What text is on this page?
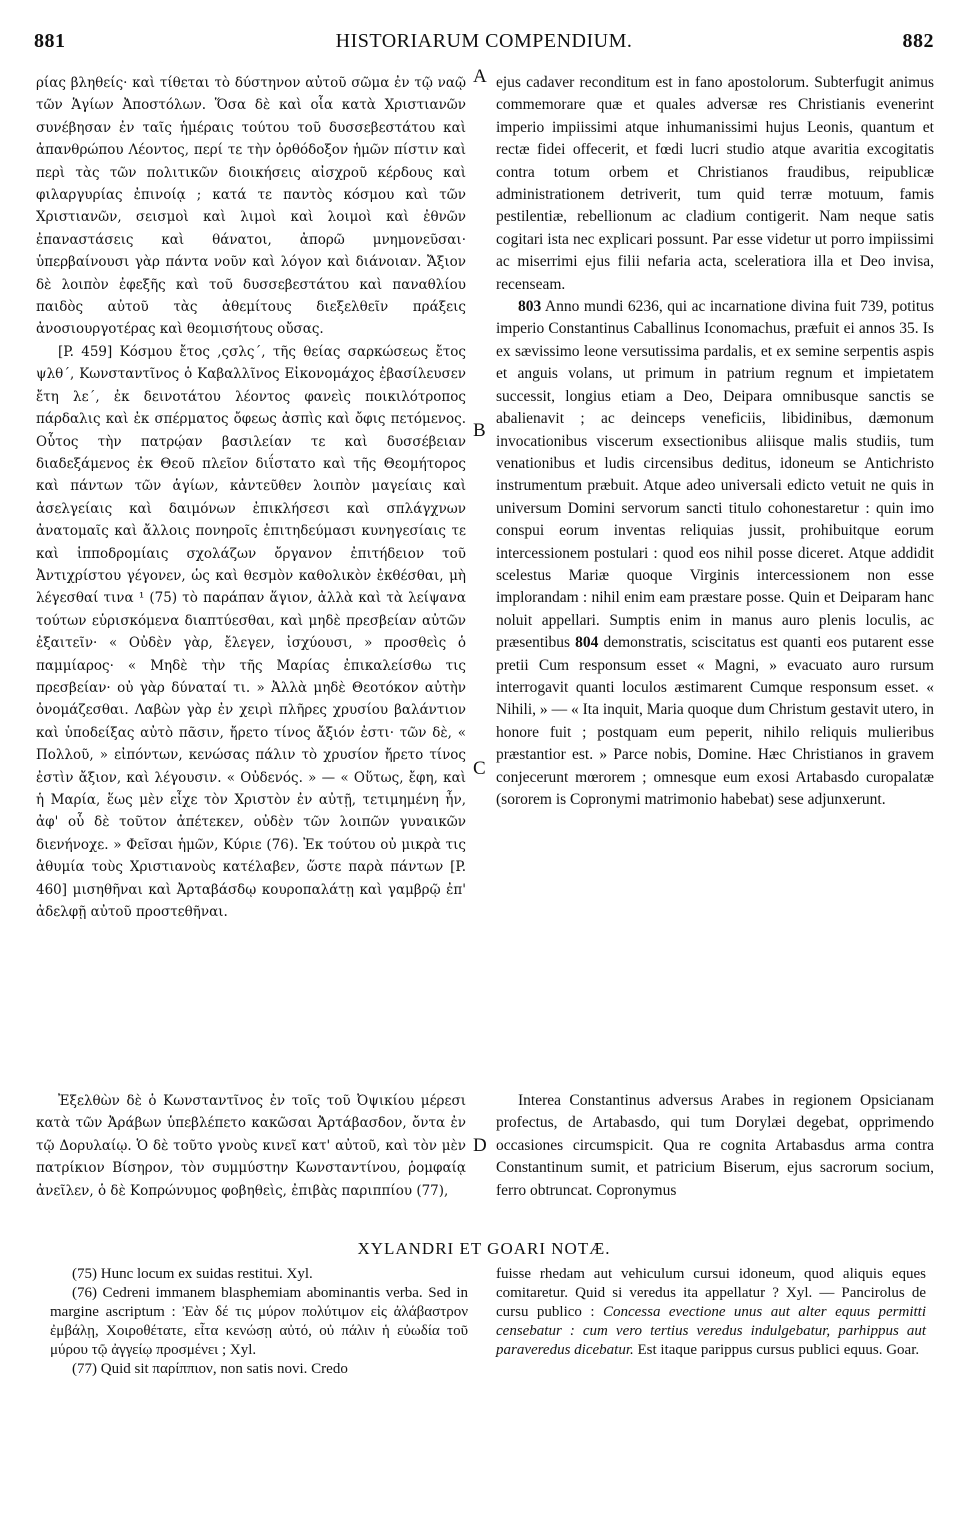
881	HISTORIARUM COMPENDIUM.	882

ρίας βληθείς· καὶ τίθεται τὸ δύστηνον αὐτοῦ σῶμα ἐν τῷ ναῷ τῶν Ἁγίων Ἀποστόλων. Ὅσα δὲ καὶ οἷα κατὰ Χριστιανῶν συνέβησαν ἐν ταῖς ἡμέραις τούτου τοῦ δυσσεβεστάτου καὶ ἀπανθρώπου Λέοντος, περί τε τὴν ὀρθόδοξον ἡμῶν πίστιν καὶ περὶ τὰς τῶν πολιτικῶν διοικήσεις αἰσχροῦ κέρδους καὶ φιλαργυρίας ἐπινοίᾳ ; κατά τε παντὸς κόσμου καὶ τῶν Χριστιανῶν, σεισμοὶ καὶ λιμοὶ καὶ λοιμοὶ καὶ ἐθνῶν ἐπαναστάσεις καὶ θάνατοι, ἀπορῶ μνημονεῦσαι· ὑπερβαίνουσι γὰρ πάντα νοῦν καὶ λόγον καὶ διάνοιαν. Ἄξιον δὲ λοιπὸν ἐφεξῆς καὶ τοῦ δυσσεβεστάτου καὶ παναθλίου παιδὸς αὐτοῦ τὰς ἀθεμίτους διεξελθεῖν πράξεις ἀνοσιουργοτέρας καὶ θεομισήτους οὔσας.

[P. 459] Κόσμου ἔτος ,ςσλς΄, τῆς θείας σαρκώσεως ἔτος ψλθ΄, Κωνσταντῖνος ὁ Καβαλλῖνος Εἰκονομάχος ἐβασίλευσεν ἔτη λε΄, ἐκ δεινοτάτου λέοντος φανεὶς ποικιλότροπος πάρδαλις καὶ ἐκ σπέρματος ὄφεως ἀσπὶς καὶ ὄφις πετόμενος. Οὗτος τὴν πατρῴαν βασιλείαν τε καὶ δυσσέβειαν διαδεξάμενος ἐκ Θεοῦ πλεῖον διΐστατο καὶ τῆς Θεομήτορος καὶ πάντων τῶν ἁγίων, κἀντεῦθεν λοιπὸν μαγείαις καὶ ἀσελγείαις καὶ δαιμόνων ἐπικλήσεσι καὶ σπλάγχνων ἀνατομαῖς καὶ ἄλλοις πονηροῖς ἐπιτηδεύμασι κυνηγεσίαις τε καὶ ἱπποδρομίαις σχολάζων ὄργανον ἐπιτήδειον τοῦ Ἀντιχρίστου γέγονεν, ὡς καὶ θεσμὸν καθολικὸν ἐκθέσθαι, μὴ λέγεσθαί τινα ¹ (75) τὸ παράπαν ἅγιον, ἀλλὰ καὶ τὰ λείψανα τούτων εὑρισκόμενα διαπτύεσθαι, καὶ μηδὲ πρεσβείαν αὐτῶν ἐξαιτεῖν· « Οὐδὲν γὰρ, ἔλεγεν, ἰσχύουσι, » προσθεὶς ὁ παμμίαρος· « Μηδὲ τὴν τῆς Μαρίας ἐπικαλείσθω τις πρεσβείαν· οὐ γὰρ δύναταί τι. » Ἀλλὰ μηδὲ Θεοτόκον αὐτὴν ὀνομάζεσθαι. Λαβὼν γὰρ ἐν χειρὶ πλῆρες χρυσίου βαλάντιον καὶ ὑποδείξας αὐτὸ πᾶσιν, ἤρετο τίνος ἄξιόν ἐστι· τῶν δὲ, « Πολλοῦ, » εἰπόντων, κενώσας πάλιν τὸ χρυσίον ἤρετο τίνος ἐστὶν ἄξιον, καὶ λέγουσιν. « Οὐδενός. » — « Οὕτως, ἔφη, καὶ ἡ Μαρία, ἕως μὲν εἶχε τὸν Χριστὸν ἐν αὐτῇ, τετιμημένη ἦν, ἀφ' οὗ δὲ τοῦτον ἀπέτεκεν, οὐδὲν τῶν λοιπῶν γυναικῶν διενήνοχε. » Φεῖσαι ἡμῶν, Κύριε (76). Ἐκ τούτου οὐ μικρὰ τις ἀθυμία τοὺς Χριστιανοὺς κατέλαβεν, ὥστε παρὰ πάντων [P. 460] μισηθῆναι καὶ Ἀρταβάσδῳ κουροπαλάτῃ καὶ γαμβρῷ ἐπ' ἀδελφῇ αὐτοῦ προστεθῆναι.

ejus cadaver reconditum est in fano apostolorum. Subterfugit animus commemorare quæ et quales adversæ res Christianis evenerint imperio impiissimi atque inhumanissimi hujus Leonis, quantum et rectæ fidei offecerit, et fœdi lucri studio atque avaritia excogitatis contra totum orbem et Christianos fraudibus, reipublicæ administrationem detriverit, tum quid terræ motuum, famis pestilentiæ, rebellionum ac cladium contigerit. Nam neque satis cogitari ista nec explicari possunt. Par esse videtur ut porro impiissimi ac miserrimi ejus filii nefaria acta, sceleratiora illa et Deo invisa, recenseam.

803 Anno mundi 6236, qui ac incarnatione divina fuit 739, potitus imperio Constantinus Caballinus Iconomachus, præfuit ei annos 35. Is ex sævissimo leone versutissima pardalis, et ex semine serpentis aspis et anguis volans, ut primum in patrium regnum et impietatem successit, longius etiam a Deo, Deipara omnibusque sanctis se abalienavit ; ac deinceps veneficiis, libidinibus, dæmonum invocationibus viscerum exsectionibus aliisque malis studiis, tum venationibus et ludis circensibus deditus, idoneum se Antichristo instrumentum præbuit. Atque adeo universali edicto vetuit ne quis in universum Domini servorum sancti titulo cohonestaretur : quin imo conspui eorum inventas reliquias jussit, prohibuitque eorum intercessionem postulari : quod eos nihil posse diceret. Atque addidit scelestus Mariæ quoque Virginis intercessionem non esse implorandam : nihil enim eam præstare posse. Quin et Deiparam hanc noluit appellari. Sumptis enim in manus auro plenis loculis, ac præsentibus 804 demonstratis, sciscitatus est quanti eos putarent esse pretii Cum responsum esset « Magni, » evacuato auro rursum interrogavit quanti loculos æstimarent Cumque responsum esset. « Nihili, » — « Ita inquit, Maria quoque dum Christum gestavit utero, in honore fuit ; postquam eum peperit, nihilo reliquis mulieribus præstantior est. » Parce nobis, Domine. Hæc Christianos in gravem conjecerunt mœrorem ; omnesque eum exosi Artabasdo curopalatæ (sororem is Copronymi matrimonio habebat) sese adjunxerunt.

A
B
C
D

Ἐξελθὼν δὲ ὁ Κωνσταντῖνος ἐν τοῖς τοῦ Ὀψικίου μέρεσι κατὰ τῶν Ἀράβων ὑπεβλέπετο κακῶσαι Ἀρτάβασδον, ὄντα ἐν τῷ Δορυλαίῳ. Ὁ δὲ τοῦτο γνοὺς κινεῖ κατ' αὐτοῦ, καὶ τὸν μὲν πατρίκιον Βίσηρον, τὸν συμμύστην Κωνσταντίνου, ῥομφαίᾳ ἀνεῖλεν, ὁ δὲ Κοπρώνυμος φοβηθεὶς, ἐπιβὰς παριππίου (77),

Interea Constantinus adversus Arabes in regionem Opsicianam profectus, de Artabasdo, qui tum Dorylæi degebat, opprimendo occasiones circumspicit. Qua re cognita Artabasdus arma contra Constantinum sumit, et patricium Biserum, ejus sacrorum socium, ferro obtruncat. Copronymus

XYLANDRI ET GOARI NOTÆ.

(75) Hunc locum ex suidas restitui. Xyl.

(76) Cedreni immanem blasphemiam abominantis verba. Sed in margine ascriptum : Ἐὰν δέ τις μύρον πολύτιμον εἰς ἀλάβαστρον ἐμβάλῃ, Χοιροθέτατε, εἶτα κενώσῃ αὐτό, οὐ πάλιν ἡ εὐωδία τοῦ μύρου τῷ ἀγγείῳ προσμένει ; Xyl.

(77) Quid sit παρίππιον, non satis novi. Credo

fuisse rhedam aut vehiculum cursui idoneum, quod aliquis eques comitaretur. Quid si veredus ita appellatur ? Xyl. — Pancirolus de cursu publico : Concessa evectione unus aut alter equus permitti censebatur : cum vero tertius veredus indulgebatur, parhippus aut paraveredus dicebatur. Est itaque parippus cursus publici equus. Goar.
